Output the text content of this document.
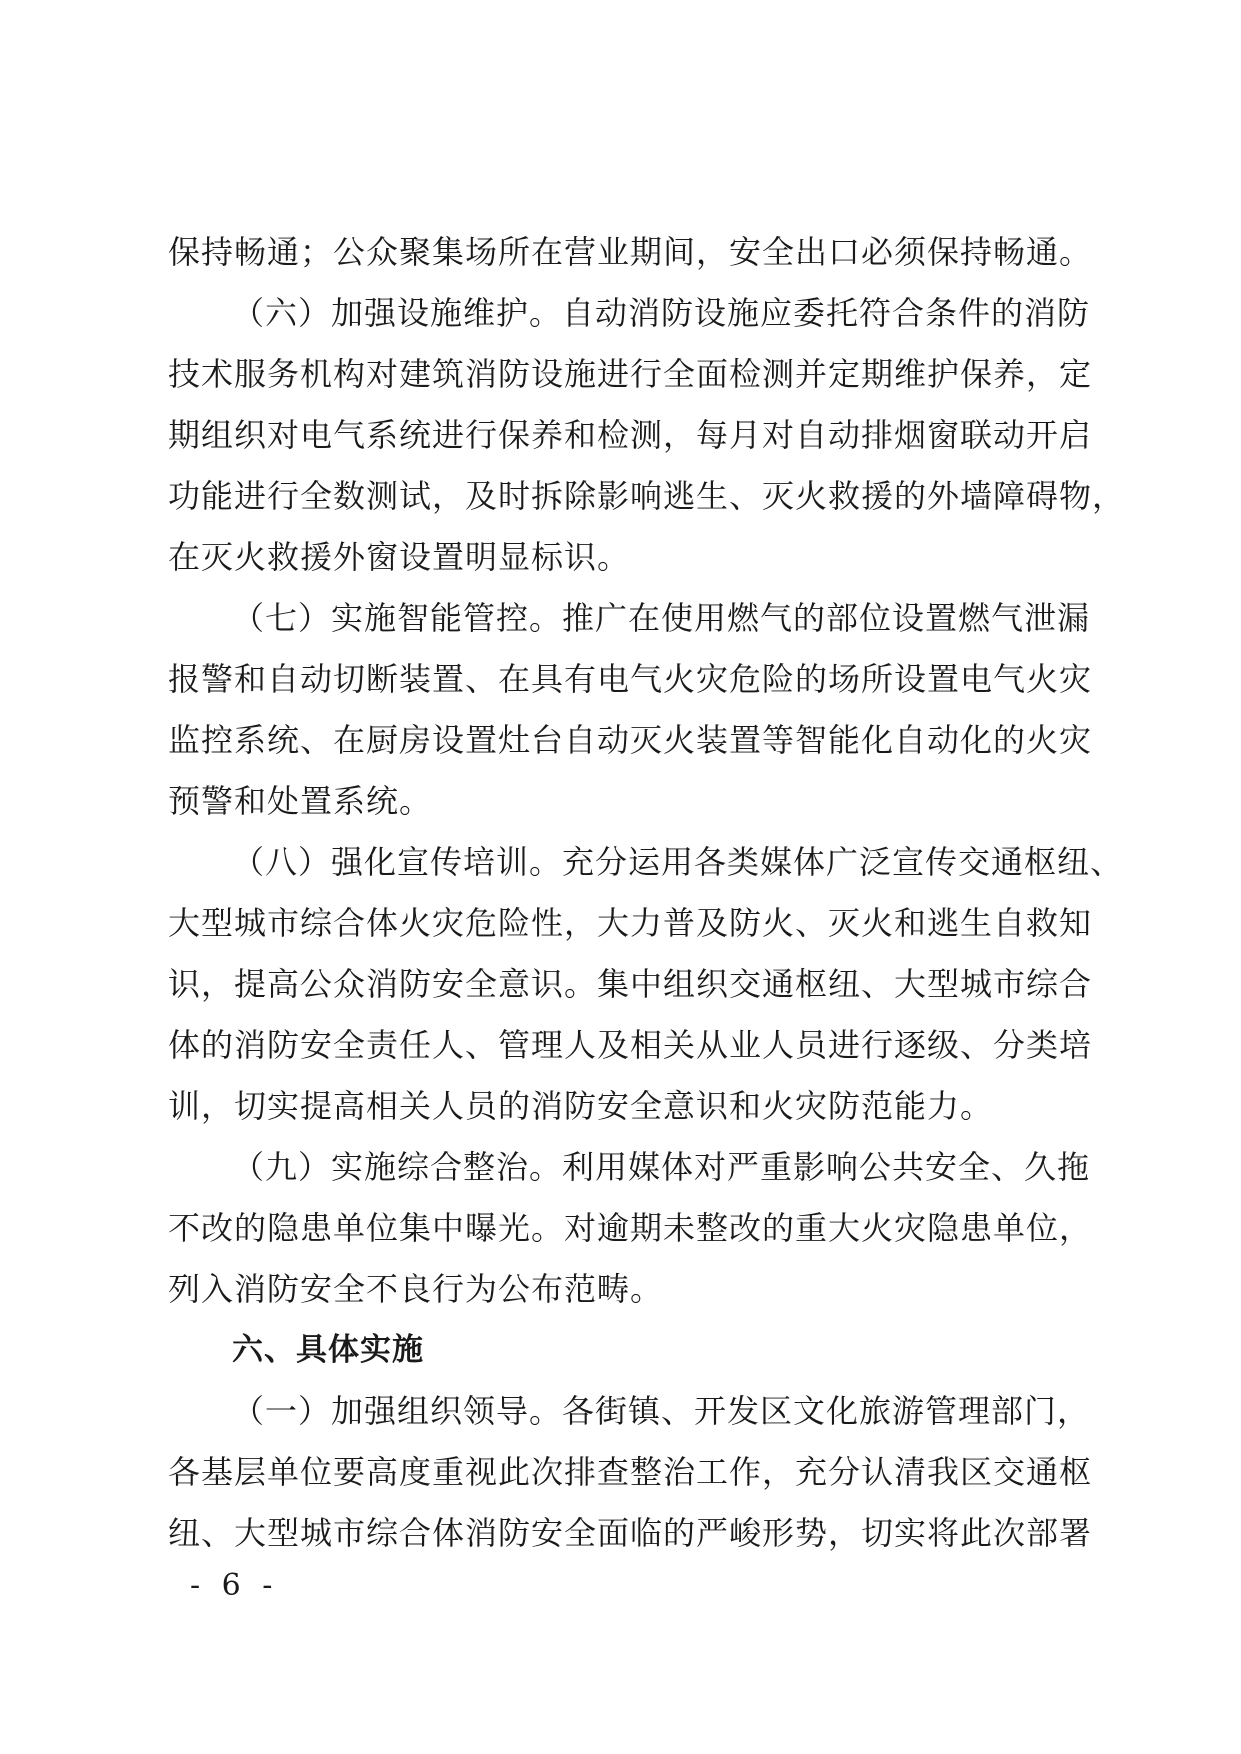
保持畅通；公众聚集场所在营业期间，安全出口必须保持畅通。
（六）加强设施维护。自动消防设施应委托符合条件的消防
技术服务机构对建筑消防设施进行全面检测并定期维护保养，定
期组织对电气系统进行保养和检测，每月对自动排烟窗联动开启
功能进行全数测试，及时拆除影响逃生、灭火救援的外墙障碍物，
在灭火救援外窗设置明显标识。
（七）实施智能管控。推广在使用燃气的部位设置燃气泄漏
报警和自动切断装置、在具有电气火灾危险的场所设置电气火灾
监控系统、在厨房设置灶台自动灭火装置等智能化自动化的火灾
预警和处置系统。
（八）强化宣传培训。充分运用各类媒体广泛宣传交通枢纽、
大型城市综合体火灾危险性，大力普及防火、灭火和逃生自救知
识，提高公众消防安全意识。集中组织交通枢纽、大型城市综合
体的消防安全责任人、管理人及相关从业人员进行逐级、分类培
训，切实提高相关人员的消防安全意识和火灾防范能力。
（九）实施综合整治。利用媒体对严重影响公共安全、久拖
不改的隐患单位集中曝光。对逾期未整改的重大火灾隐患单位，
列入消防安全不良行为公布范畴。
六、具体实施
（一）加强组织领导。各街镇、开发区文化旅游管理部门，
各基层单位要高度重视此次排查整治工作，充分认清我区交通枢
纽、大型城市综合体消防安全面临的严峻形势，切实将此次部署
- 6 -
